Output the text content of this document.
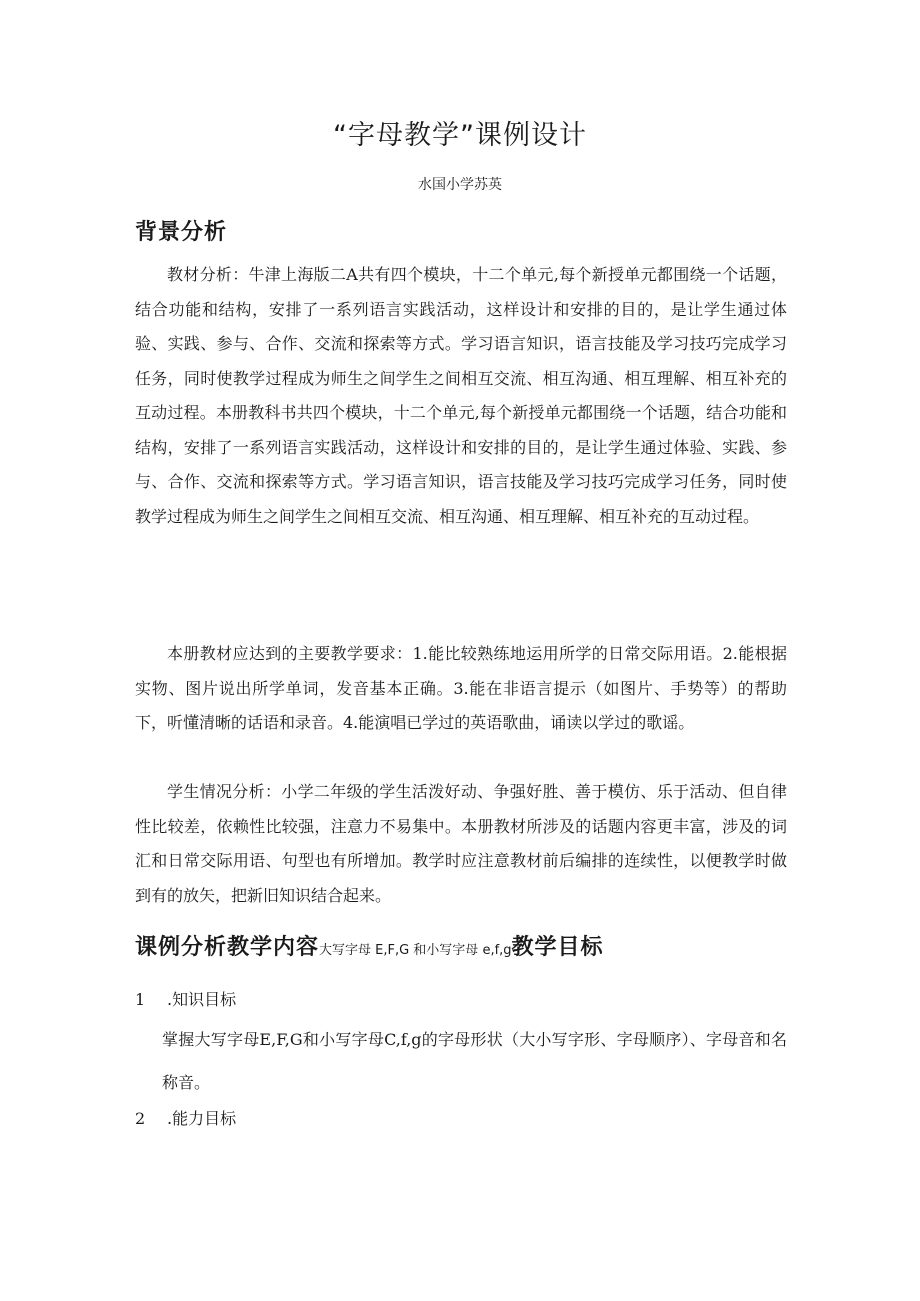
“字母教学”课例设计
水国小学苏英
背景分析

教材分析：牛津上海版二A共有四个模块，十二个单元,每个新授单元都围绕一个话题，结合功能和结构，安排了一系列语言实践活动，这样设计和安排的目的，是让学生通过体验、实践、参与、合作、交流和探索等方式。学习语言知识，语言技能及学习技巧完成学习任务，同时使教学过程成为师生之间学生之间相互交流、相互沟通、相互理解、相互补充的互动过程。本册教科书共四个模块，十二个单元,每个新授单元都围绕一个话题，结合功能和结构，安排了一系列语言实践活动，这样设计和安排的目的，是让学生通过体验、实践、参与、合作、交流和探索等方式。学习语言知识，语言技能及学习技巧完成学习任务，同时使教学过程成为师生之间学生之间相互交流、相互沟通、相互理解、相互补充的互动过程。

本册教材应达到的主要教学要求：1.能比较熟练地运用所学的日常交际用语。2.能根据实物、图片说出所学单词，发音基本正确。3.能在非语言提示（如图片、手势等）的帮助下，听懂清晰的话语和录音。4.能演唱已学过的英语歌曲，诵读以学过的歌谣。

学生情况分析：小学二年级的学生活泼好动、争强好胜、善于模仿、乐于活动、但自律性比较差，依赖性比较强，注意力不易集中。本册教材所涉及的话题内容更丰富，涉及的词汇和日常交际用语、句型也有所增加。教学时应注意教材前后编排的连续性，以便教学时做到有的放矢，把新旧知识结合起来。

课例分析教学内容大写字母 E,F,G 和小写字母 e,f,g教学目标
1 .知识目标

掌握大写字母E,F,G和小写字母C,f,g的字母形状（大小写字形、字母顺序）、字母音和名称音。

2 .能力目标
